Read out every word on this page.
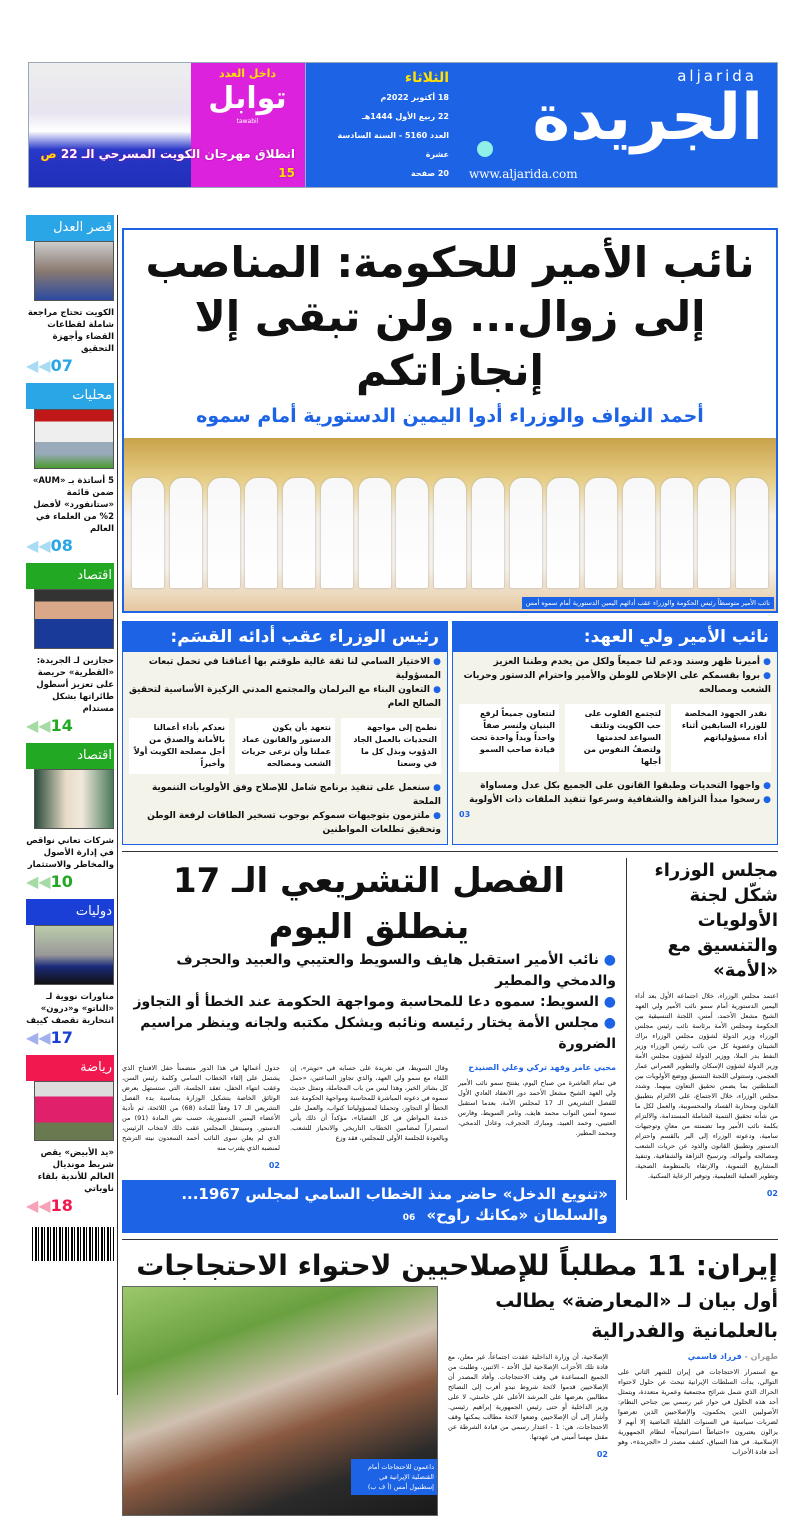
aljarida
الجريدة
www.aljarida.com
الثلاثاء
18 أكتوبر 2022م
22 ربيع الأول 1444هـ
العدد 5160 - السنة السادسة عشرة
20 صفحة
السعر 100 فلس
داخل العدد
توابل
tawabil
انطلاق مهرجان الكويت المسرحي الـ 22 ص 15
قصر العدل
الكويت تحتاج مراجعة شاملة لقطاعات القضاء وأجهزة التحقيق
◀◀07
محليات
5 أساتذة بـ «AUM» ضمن قائمة «ستانفورد» لأفضل 2% من العلماء في العالم
◀◀08
اقتصاد
حجازين لـ الجريدة: «القطرية» حريصة على تعزيز أسطول طائراتها بشكل مستدام
◀◀14
اقتصاد
شركات تعاني نواقص في إدارة الأصول والمخاطر والاستثمار
◀◀10
دوليات
مناورات نووية لـ «الناتو» و«درون» انتحارية تقصف كييف
◀◀17
رياضة
«يد الأبيض» يقص شريط مونديال العالم للأندية بلقاء ناوباتي
◀◀18
نائب الأمير للحكومة: المناصب
إلى زوال... ولن تبقى إلا إنجازاتكم
أحمد النواف والوزراء أدوا اليمين الدستورية أمام سموه
نائب الأمير متوسطاً رئيس الحكومة والوزراء عقب أدائهم اليمين الدستورية أمام سموه أمس
نائب الأمير ولي العهد:
● أميرنا ظهر وسند ودعم لنا جميعاً ولكل من يخدم وطننا العزيز
● بروا بقسمكم على الإخلاص للوطن والأمير واحترام الدستور وحريات الشعب ومصالحه
نقدر الجهود المخلصة للوزراء السابقين أثناء أداء مسؤولياتهم
لتجتمع القلوب على حب الكويت وتلتف السواعد لخدمتها ولتصفُ النفوس من أجلها
لنتعاون جميعاً لرفع البنيان ولنسر صفاً واحداً ويداً واحدة تحت قيادة صاحب السمو
● واجهوا التحديات وطبقوا القانون على الجميع بكل عدل ومساواة
● رسخوا مبدأ النزاهة والشفافية وسرعوا تنفيذ الملفات ذات الأولوية
03
رئيس الوزراء عقب أدائه القسَم:
● الاختيار السامي لنا ثقة غالية طوقتم بها أعناقنا في تحمل تبعات المسؤولية
● التعاون البناء مع البرلمان والمجتمع المدني الركيزة الأساسية لتحقيق الصالح العام
نطمح إلى مواجهة التحديات بالعمل الجاد الدؤوب وبذل كل ما في وسعنا
نتعهد بأن يكون الدستور والقانون عماد عملنا وأن نرعى حريات الشعب ومصالحه
نعدكم بأداء أعمالنا بالأمانة والصدق من أجل مصلحة الكويت أولاً وأخيراً
● سنعمل على تنفيذ برنامج شامل للإصلاح وفق الأولويات التنموية الملحة
● ملتزمون بتوجيهات سموكم بوجوب تسخير الطاقات لرفعة الوطن وتحقيق تطلعات المواطنين
مجلس الوزراء شكّل لجنة الأولويات والتنسيق مع «الأمة»
اعتمد مجلس الوزراء، خلال اجتماعه الأول بعد أداء اليمين الدستورية أمام سمو نائب الأمير ولي العهد الشيخ مشعل الأحمد، أمس، اللجنة التنسيقية بين الحكومة ومجلس الأمة برئاسة نائب رئيس مجلس الوزراء وزير الدولة لشؤون مجلس الوزراء براك الشيتان وعضوية كل من نائب رئيس الوزراء وزير النفط بدر الملا، ووزير الدولة لشؤون مجلس الأمة وزير الدولة لشؤون الإسكان والتطوير العمراني عمار العجمي، وستتولى اللجنة التنسيق ووضع الأولويات بين السلطتين بما يضمن تحقيق التعاون بينهما. وشدد مجلس الوزراء، خلال الاجتماع، على الالتزام بتطبيق القانون ومحاربة الفساد والمحسوبية، والعمل لكل ما من شأنه تحقيق التنمية الشاملة المستدامة، والالتزام بكلمة نائب الأمير وما تضمنته من معانٍ وتوجيهات سامية، ودعوته الوزراء إلى البر بالقسم واحترام الدستور وتطبيق القانون والذود عن حريات الشعب ومصالحه وأمواله، وترسيخ النزاهة والشفافية، وتنفيذ المشاريع التنموية، والارتقاء بالمنظومة الصحية، وتطوير العملية التعليمية، وتوفير الرعاية السكنية.
02
الفصل التشريعي الـ 17 ينطلق اليوم
● نائب الأمير استقبل هايف والسويط والعتيبي والعبيد والحجرف والدمخي والمطير
● السويط: سموه دعا للمحاسبة ومواجهة الحكومة عند الخطأ أو التجاوز
● مجلس الأمة يختار رئيسه ونائبه ويشكل مكتبه ولجانه وينظر مراسيم الضرورة
محيي عامر وفهد تركي وعلي الصنيدح
في تمام العاشرة من صباح اليوم، يفتتح سمو نائب الأمير ولي العهد الشيخ مشعل الأحمد دور الانعقاد العادي الأول للفصل التشريعي الـ 17 لمجلس الأمة، بعدما استقبل سموه أمس النواب محمد هايف، وثامر السويط، وفارس العتيبي، وحمد العبيد، ومبارك الحجرف، وعادل الدمخي، ومحمد المطير.
وقال السويط، في تغريدة على حسابه في «تويتر»، إن اللقاء مع سمو ولي العهد، والذي تجاوز الساعتين، «حمل كل بشائر الخير، وهذا ليس من باب المجاملة، وتمثل حديث سموه في دعوته المباشرة للمحاسبة ومواجهة الحكومة عند الخطأ أو التجاوز، وتحملنا لمسؤولياتنا كنواب، والعمل على خدمة المواطن في كل القضايا»، مؤكداً أن ذلك يأتي استمراراً لمضامين الخطاب التاريخي والانحياز للشعب. وبالعودة للجلسة الأولى للمجلس، فقد وزع
جدول أعمالها في هذا الدور متضمناً حفل الافتتاح الذي يشتمل على إلقاء الخطاب السامي وكلمة رئيس السن، وعقب انتهاء الحفل، تعقد الجلسة، التي ستستهل بعرض الوثائق الخاصة بتشكيل الوزارة بمناسبة بدء الفصل التشريعي الـ 17 وفقاً للمادة (68) من اللائحة، ثم تأدية الأعضاء اليمين الدستورية، حسب نص المادة (91) من الدستور. وسينتقل المجلس عقب ذلك لانتخاب الرئيس، الذي لم يعلن سوى النائب أحمد السعدون نيته الترشح لمنصبه الذي يقترب منه
02
«تنويع الدخل» حاضر منذ الخطاب السامي لمجلس 1967... والسلطان «مكانك راوح» 06
إيران: 11 مطلباً للإصلاحيين لاحتواء الاحتجاجات
أول بيان لـ «المعارضة» يطالب بالعلمانية والفدرالية
طهران - فرزاد قاسمي
مع استمرار الاحتجاجات في إيران للشهر الثاني على التوالي، بدأت السلطات الإيرانية تبحث عن حلول لاحتواء الحراك الذي شمل شرائح مجتمعية وعمرية متعددة، ويتمثل أحد هذه الحلول في حوار غير رسمي بين جناحي النظام: الأصوليين الذين يحكمون، والإصلاحيين الذين تعرضوا لضربات سياسية في السنوات القليلة الماضية إلا أنهم لا يزالون يعتبرون «احتياطاً استراتيجياً» لنظام الجمهورية الإسلامية. في هذا السياق، كشف مصدر لـ «الجريدة»، وهو أحد قادة الأحزاب
الإصلاحية، أن وزارة الداخلية عقدت اجتماعاً، غير معلن، مع قادة تلك الأحزاب الإصلاحية ليل الأحد - الاثنين، وطلبت من الجميع المساعدة في وقف الاحتجاجات. وأفاد المصدر أن الإصلاحيين قدموا لائحة شروط تبدو أقرب إلى النصائح مطالبين بعرضها على المرشد الأعلى علي خامنئي، لا على وزير الداخلية أو حتى رئيس الجمهورية إبراهيم رئيسي. وأشار إلى أن الإصلاحيين وضعوا لائحة مطالب يمكنها وقف الاحتجاجات، هي: 1 - اعتذار رسمي من قيادة الشرطة عن مقتل مهسا أميني في عهدتها.
02
داعمون للاحتجاجات أمام القنصلية الإيرانية في إسطنبول أمس (أ ف ب)
